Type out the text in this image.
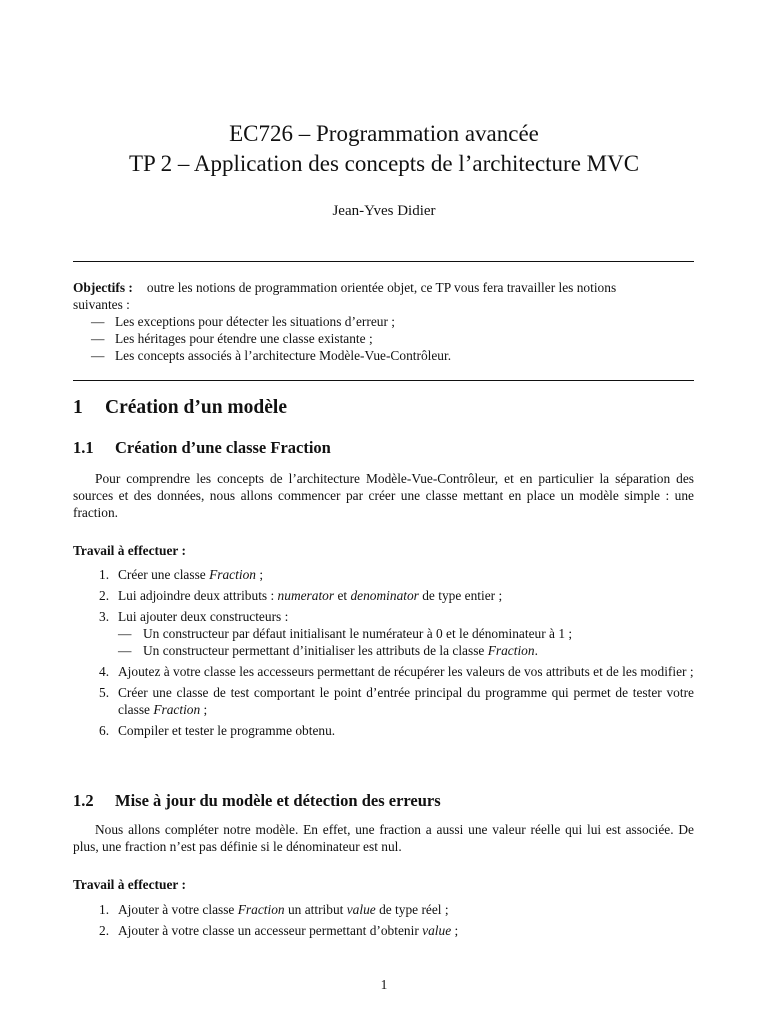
EC726 – Programmation avancée
TP 2 – Application des concepts de l’architecture MVC
Jean-Yves Didier
Objectifs : outre les notions de programmation orientée objet, ce TP vous fera travailler les notions
suivantes :
— Les exceptions pour détecter les situations d’erreur ;
— Les héritages pour étendre une classe existante ;
— Les concepts associés à l’architecture Modèle-Vue-Contrôleur.
1 Création d’un modèle
1.1 Création d’une classe Fraction
Pour comprendre les concepts de l’architecture Modèle-Vue-Contrôleur, et en particulier la séparation des sources et des données, nous allons commencer par créer une classe mettant en place un modèle simple : une fraction.
Travail à effectuer :
1. Créer une classe Fraction ;
2. Lui adjoindre deux attributs : numerator et denominator de type entier ;
3. Lui ajouter deux constructeurs :
— Un constructeur par défaut initialisant le numérateur à 0 et le dénominateur à 1 ;
— Un constructeur permettant d’initialiser les attributs de la classe Fraction.
4. Ajoutez à votre classe les accesseurs permettant de récupérer les valeurs de vos attributs et de les modifier ;
5. Créer une classe de test comportant le point d’entrée principal du programme qui permet de tester votre classe Fraction ;
6. Compiler et tester le programme obtenu.
1.2 Mise à jour du modèle et détection des erreurs
Nous allons compléter notre modèle. En effet, une fraction a aussi une valeur réelle qui lui est associée. De plus, une fraction n’est pas définie si le dénominateur est nul.
Travail à effectuer :
1. Ajouter à votre classe Fraction un attribut value de type réel ;
2. Ajouter à votre classe un accesseur permettant d’obtenir value ;
1
